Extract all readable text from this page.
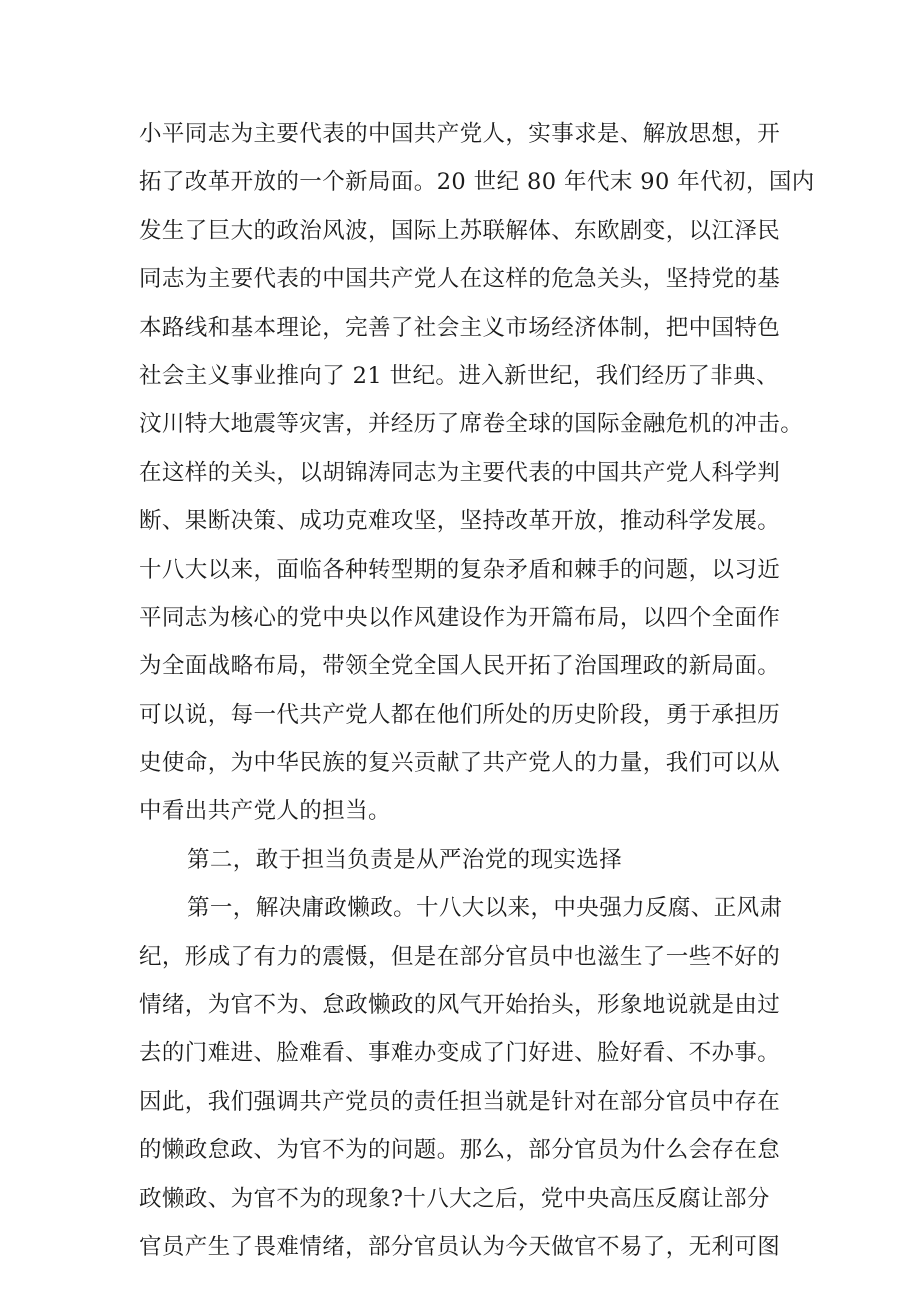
小平同志为主要代表的中国共产党人，实事求是、解放思想，开
拓了改革开放的一个新局面。20 世纪 80 年代末 90 年代初，国内
发生了巨大的政治风波，国际上苏联解体、东欧剧变，以江泽民
同志为主要代表的中国共产党人在这样的危急关头，坚持党的基
本路线和基本理论，完善了社会主义市场经济体制，把中国特色
社会主义事业推向了 21 世纪。进入新世纪，我们经历了非典、
汶川特大地震等灾害，并经历了席卷全球的国际金融危机的冲击。
在这样的关头，以胡锦涛同志为主要代表的中国共产党人科学判
断、果断决策、成功克难攻坚，坚持改革开放，推动科学发展。
十八大以来，面临各种转型期的复杂矛盾和棘手的问题，以习近
平同志为核心的党中央以作风建设作为开篇布局，以四个全面作
为全面战略布局，带领全党全国人民开拓了治国理政的新局面。
可以说，每一代共产党人都在他们所处的历史阶段，勇于承担历
史使命，为中华民族的复兴贡献了共产党人的力量，我们可以从
中看出共产党人的担当。
第二，敢于担当负责是从严治党的现实选择
第一，解决庸政懒政。十八大以来，中央强力反腐、正风肃
纪，形成了有力的震慑，但是在部分官员中也滋生了一些不好的
情绪，为官不为、怠政懒政的风气开始抬头，形象地说就是由过
去的门难进、脸难看、事难办变成了门好进、脸好看、不办事。
因此，我们强调共产党员的责任担当就是针对在部分官员中存在
的懒政怠政、为官不为的问题。那么，部分官员为什么会存在怠
政懒政、为官不为的现象?十八大之后，党中央高压反腐让部分
官员产生了畏难情绪，部分官员认为今天做官不易了，无利可图
